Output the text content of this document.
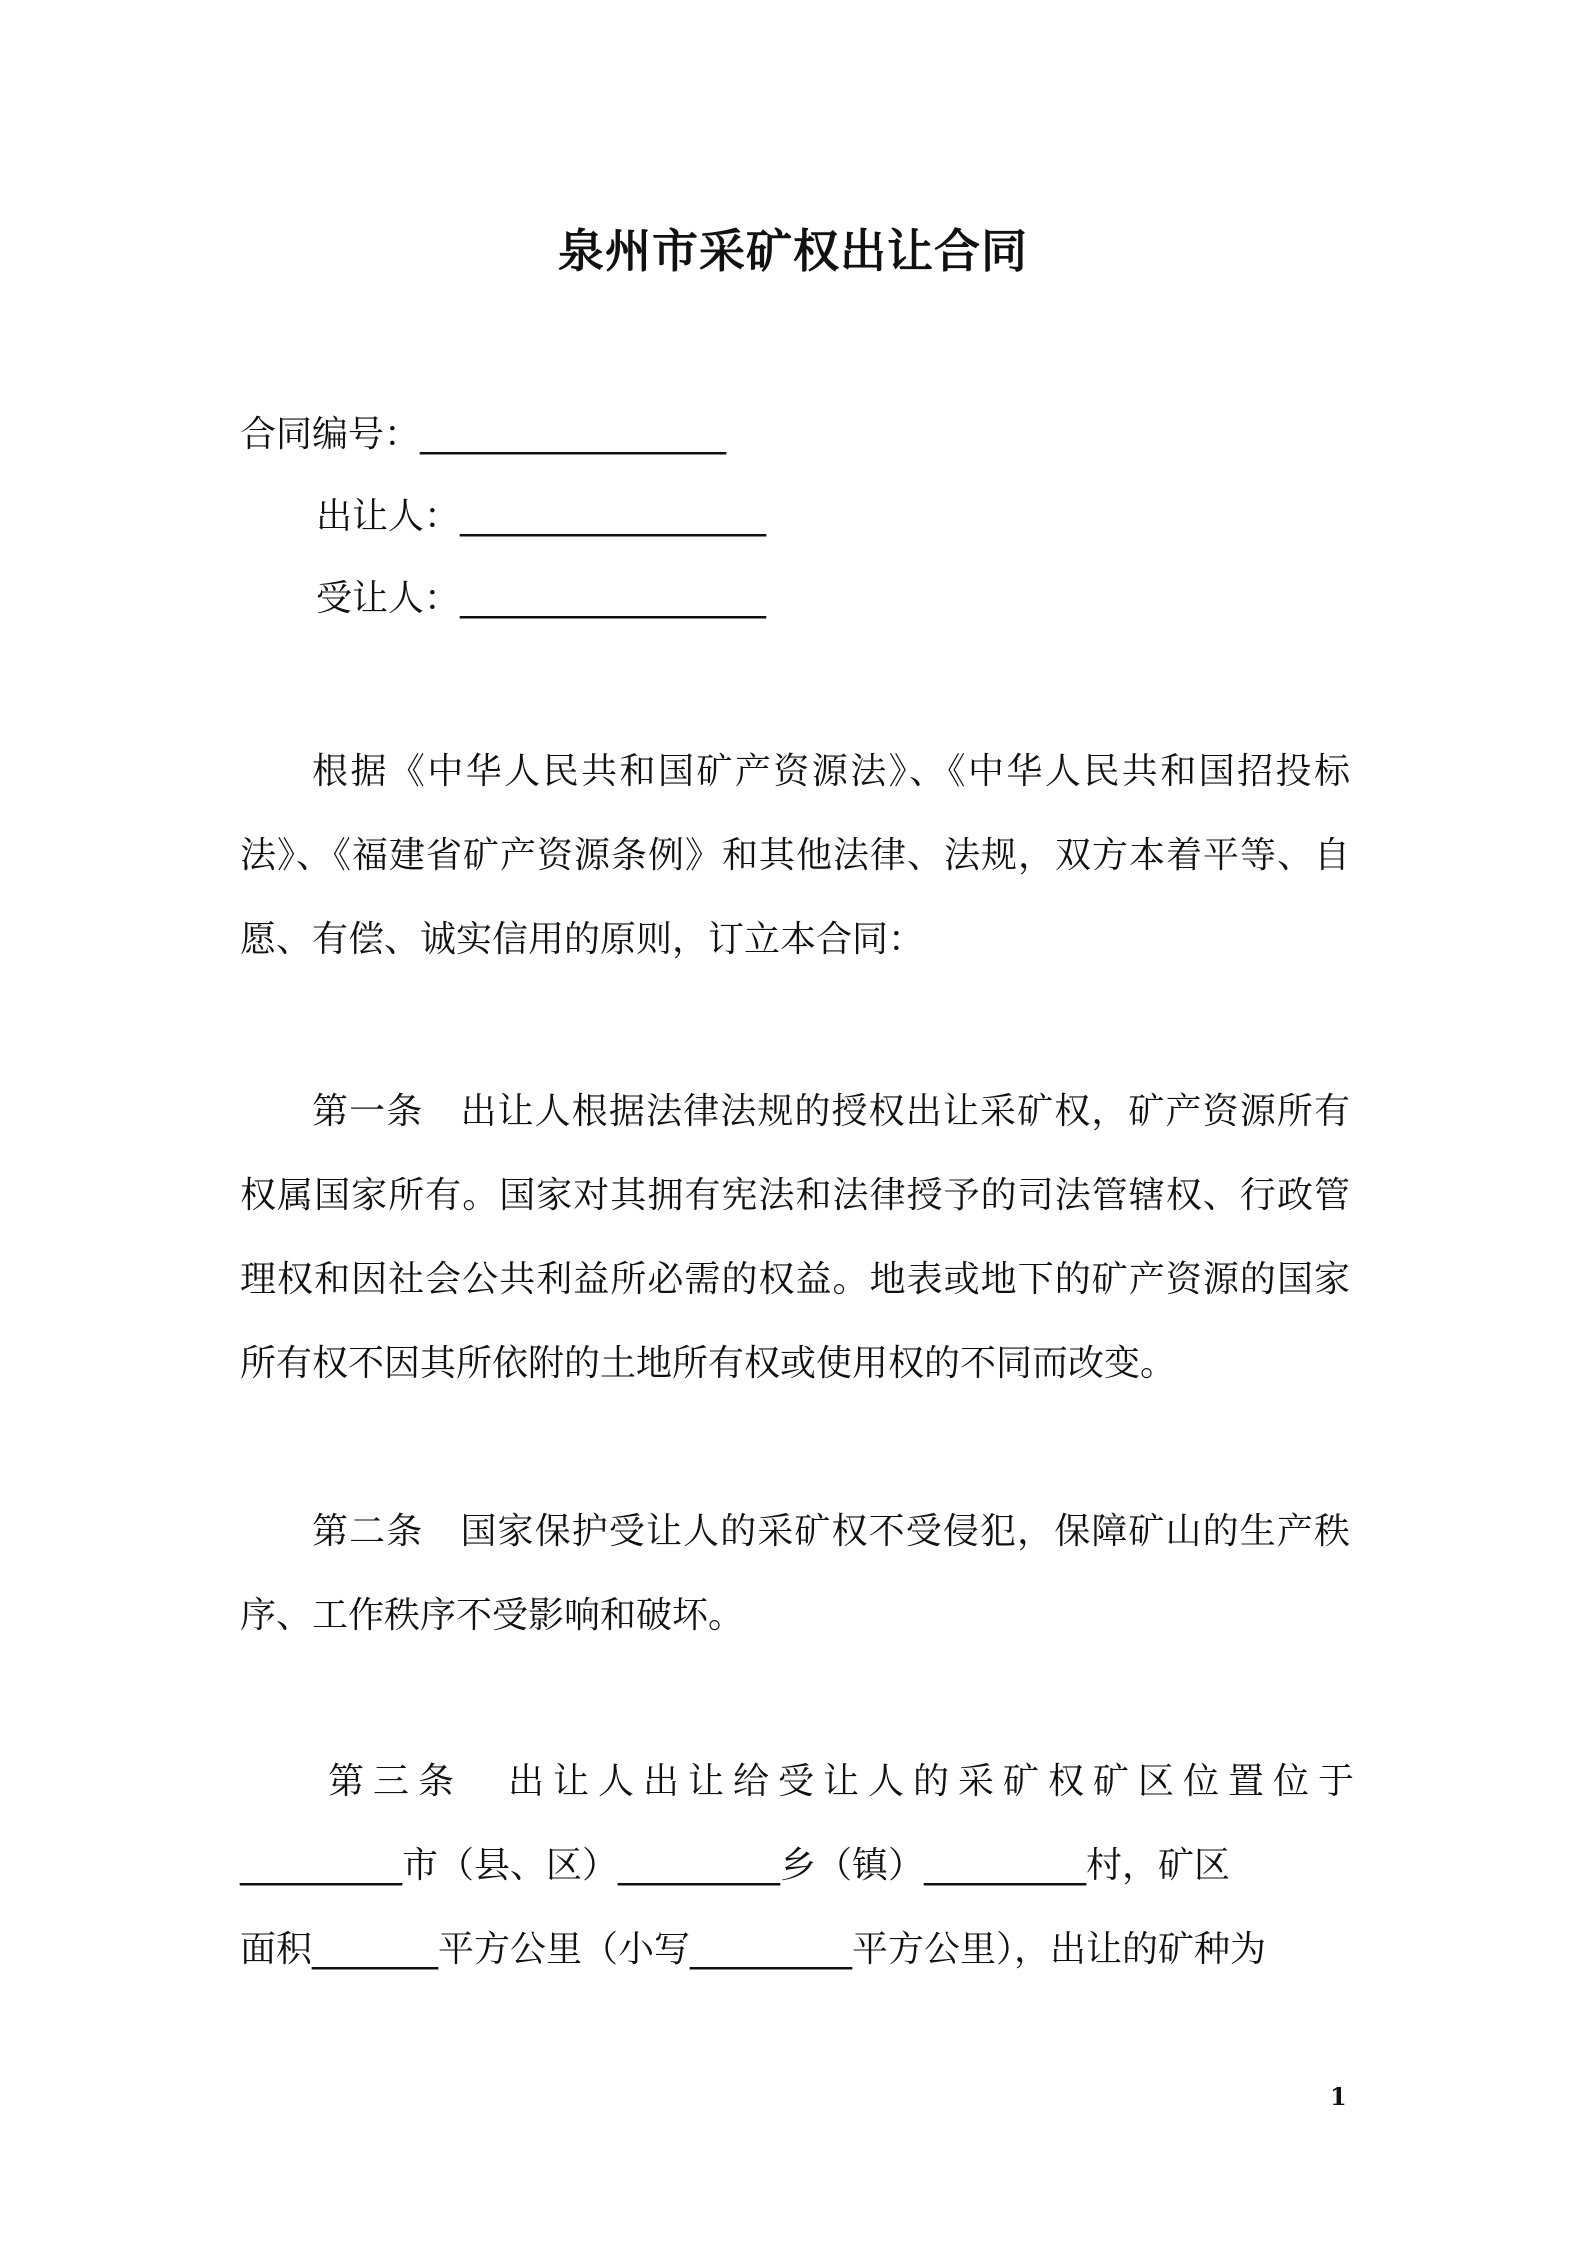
泉州市采矿权出让合同
合同编号：_________________
出让人：_________________
受让人：_________________

根据《中华人民共和国矿产资源法》、《中华人民共和国招投标法》、《福建省矿产资源条例》和其他法律、法规，双方本着平等、自愿、有偿、诚实信用的原则，订立本合同：

第一条　出让人根据法律法规的授权出让采矿权，矿产资源所有权属国家所有。国家对其拥有宪法和法律授予的司法管辖权、行政管理权和因社会公共利益所必需的权益。地表或地下的矿产资源的国家所有权不因其所依附的土地所有权或使用权的不同而改变。

第二条　国家保护受让人的采矿权不受侵犯，保障矿山的生产秩序、工作秩序不受影响和破坏。

第三条　出让人出让给受让人的采矿权矿区位置位于
_________市（县、区）_________乡（镇）_________村，矿区
面积_______平方公里（小写_________平方公里），出让的矿种为
1
